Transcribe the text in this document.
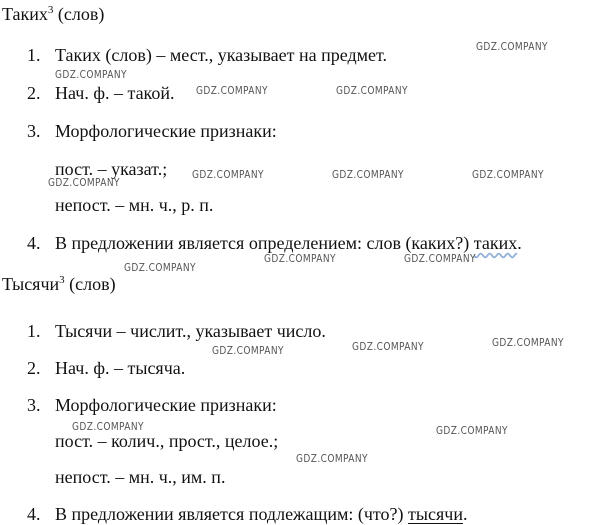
Таких$^3$ (слов)
1. Таких (слов) – мест., указывает на предмет.
2. Нач. ф. – такой.
3. Морфологические признаки:
пост. – указат.;
непост. – мн. ч., р. п.
4. В предложении является определением: слов (каких?) таких.
Тысячи$^3$ (слов)
1. Тысячи – числит., указывает число.
2. Нач. ф. – тысяча.
3. Морфологические признаки:
пост. – колич., прост., целое.;
непост. – мн. ч., им. п.
4. В предложении является подлежащим: (что?) тысячи.
GDZ.COMPANY
GDZ.COMPANY
GDZ.COMPANY	GDZ.COMPANY
GDZ.COMPANY	GDZ.COMPANY	GDZ.COMPANY
GDZ.COMPANY
GDZ.COMPANY	GDZ.COMPANY
GDZ.COMPANY
GDZ.COMPANY	GDZ.COMPANY	GDZ.COMPANY
GDZ.COMPANY	GDZ.COMPANY
GDZ.COMPANY
